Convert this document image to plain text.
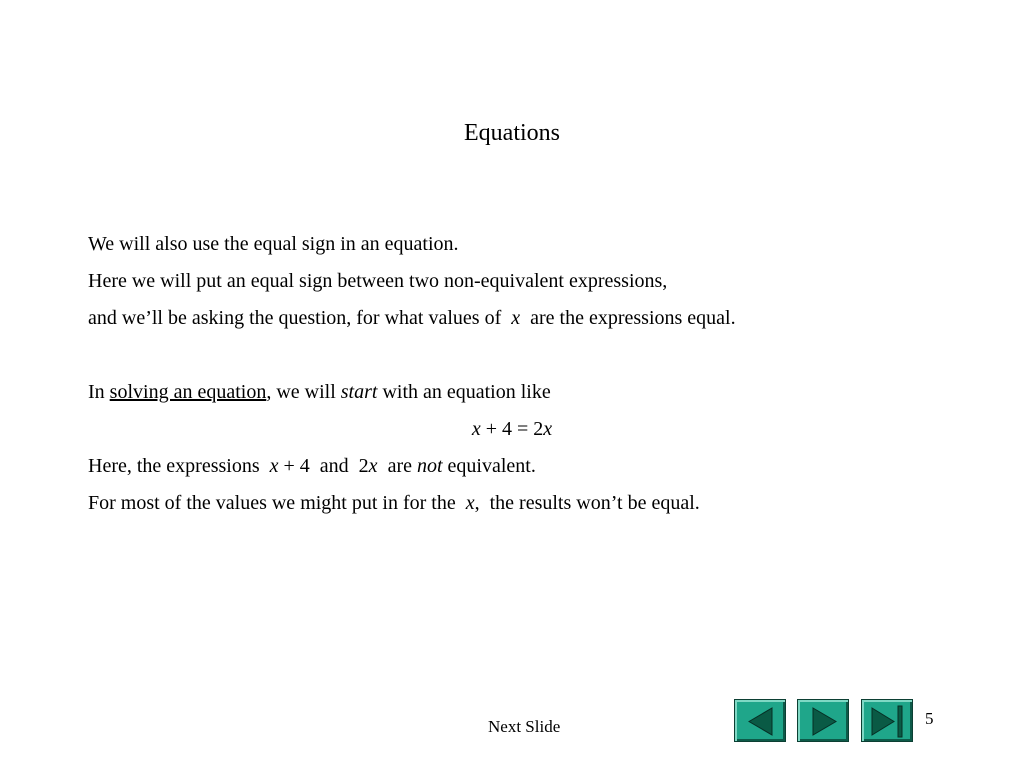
Equations
We will also use the equal sign in an equation.
Here we will put an equal sign between two non-equivalent expressions,
and we’ll be asking the question, for what values of  x  are the expressions equal.
In solving an equation, we will start with an equation like
x + 4 = 2x
Here, the expressions  x + 4  and  2x  are not equivalent.
For most of the values we might put in for the  x,  the results won’t be equal.
Next Slide	5
